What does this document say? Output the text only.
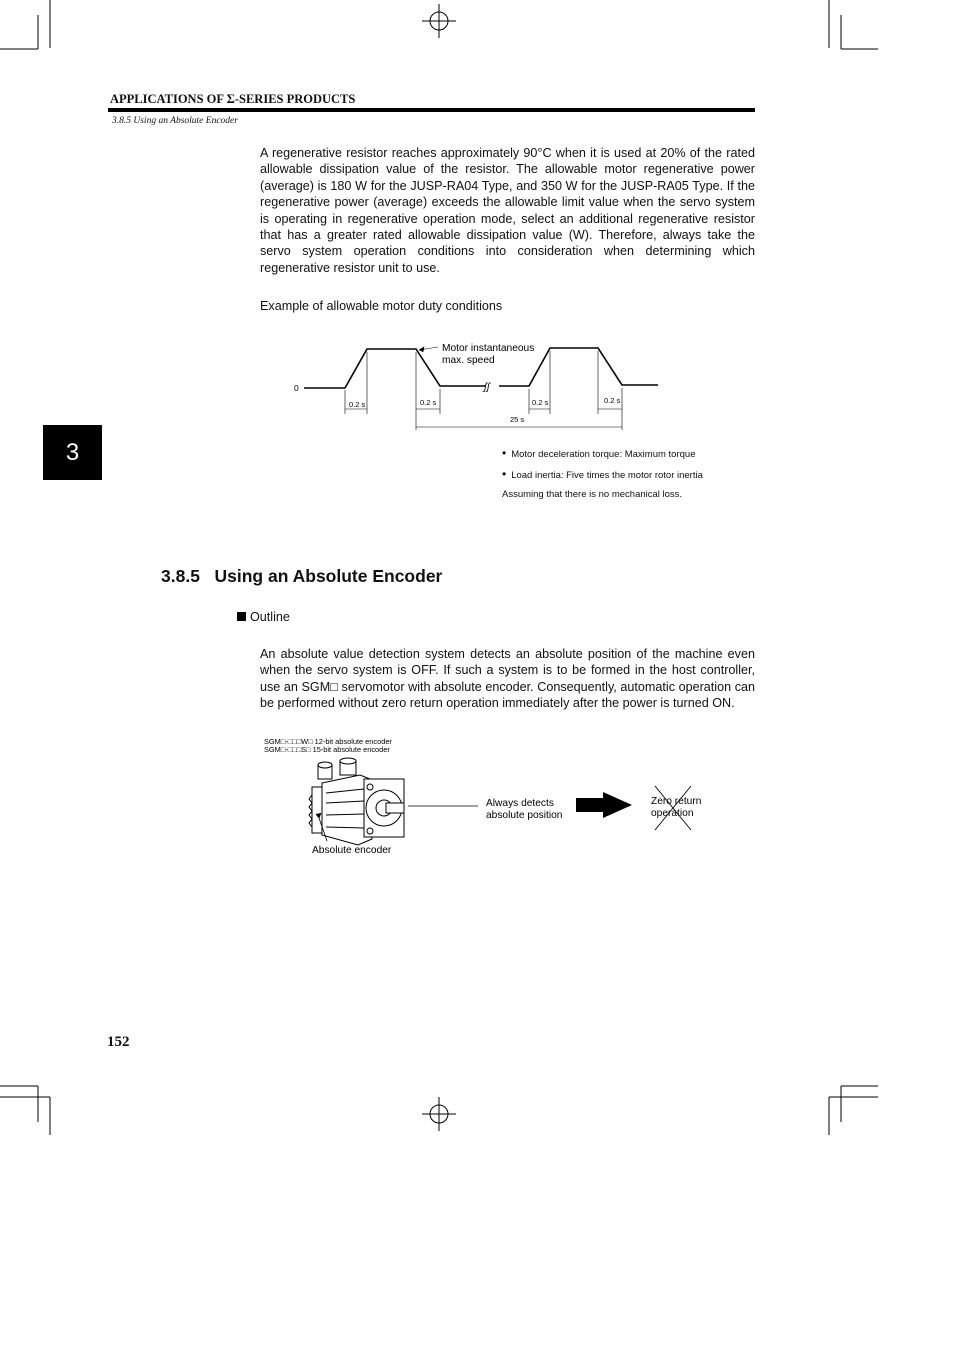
APPLICATIONS OF Σ-SERIES PRODUCTS
3.8.5 Using an Absolute Encoder
3
A regenerative resistor reaches approximately 90°C when it is used at 20% of the rated allowable dissipation value of the resistor. The allowable motor regenerative power (average) is 180 W for the JUSP-RA04 Type, and 350 W for the JUSP-RA05 Type. If the regenerative power (average) exceeds the allowable limit value when the servo system is operating in regenerative operation mode, select an additional regenerative resistor that has a greater rated allowable dissipation value (W). Therefore, always take the servo system operation conditions into consideration when determining which regenerative resistor unit to use.
Example of allowable motor duty conditions
Motor instantaneous
max. speed
0	ʃʃ
0.2 s	0.2 s	0.2 s	0.2 s
25 s
• Motor deceleration torque: Maximum torque
• Load inertia: Five times the motor rotor inertia
Assuming that there is no mechanical loss.
3.8.5   Using an Absolute Encoder
Outline
An absolute value detection system detects an absolute position of the machine even when the servo system is OFF. If such a system is to be formed in the host controller, use an SGM□ servomotor with absolute encoder. Consequently, automatic operation can be performed without zero return operation immediately after the power is turned ON.
SGM□-□□□W□ 12-bit absolute encoder
SGM□-□□□S□ 15-bit absolute encoder
Always detects
absolute position
Zero return
operation
Absolute encoder
152
